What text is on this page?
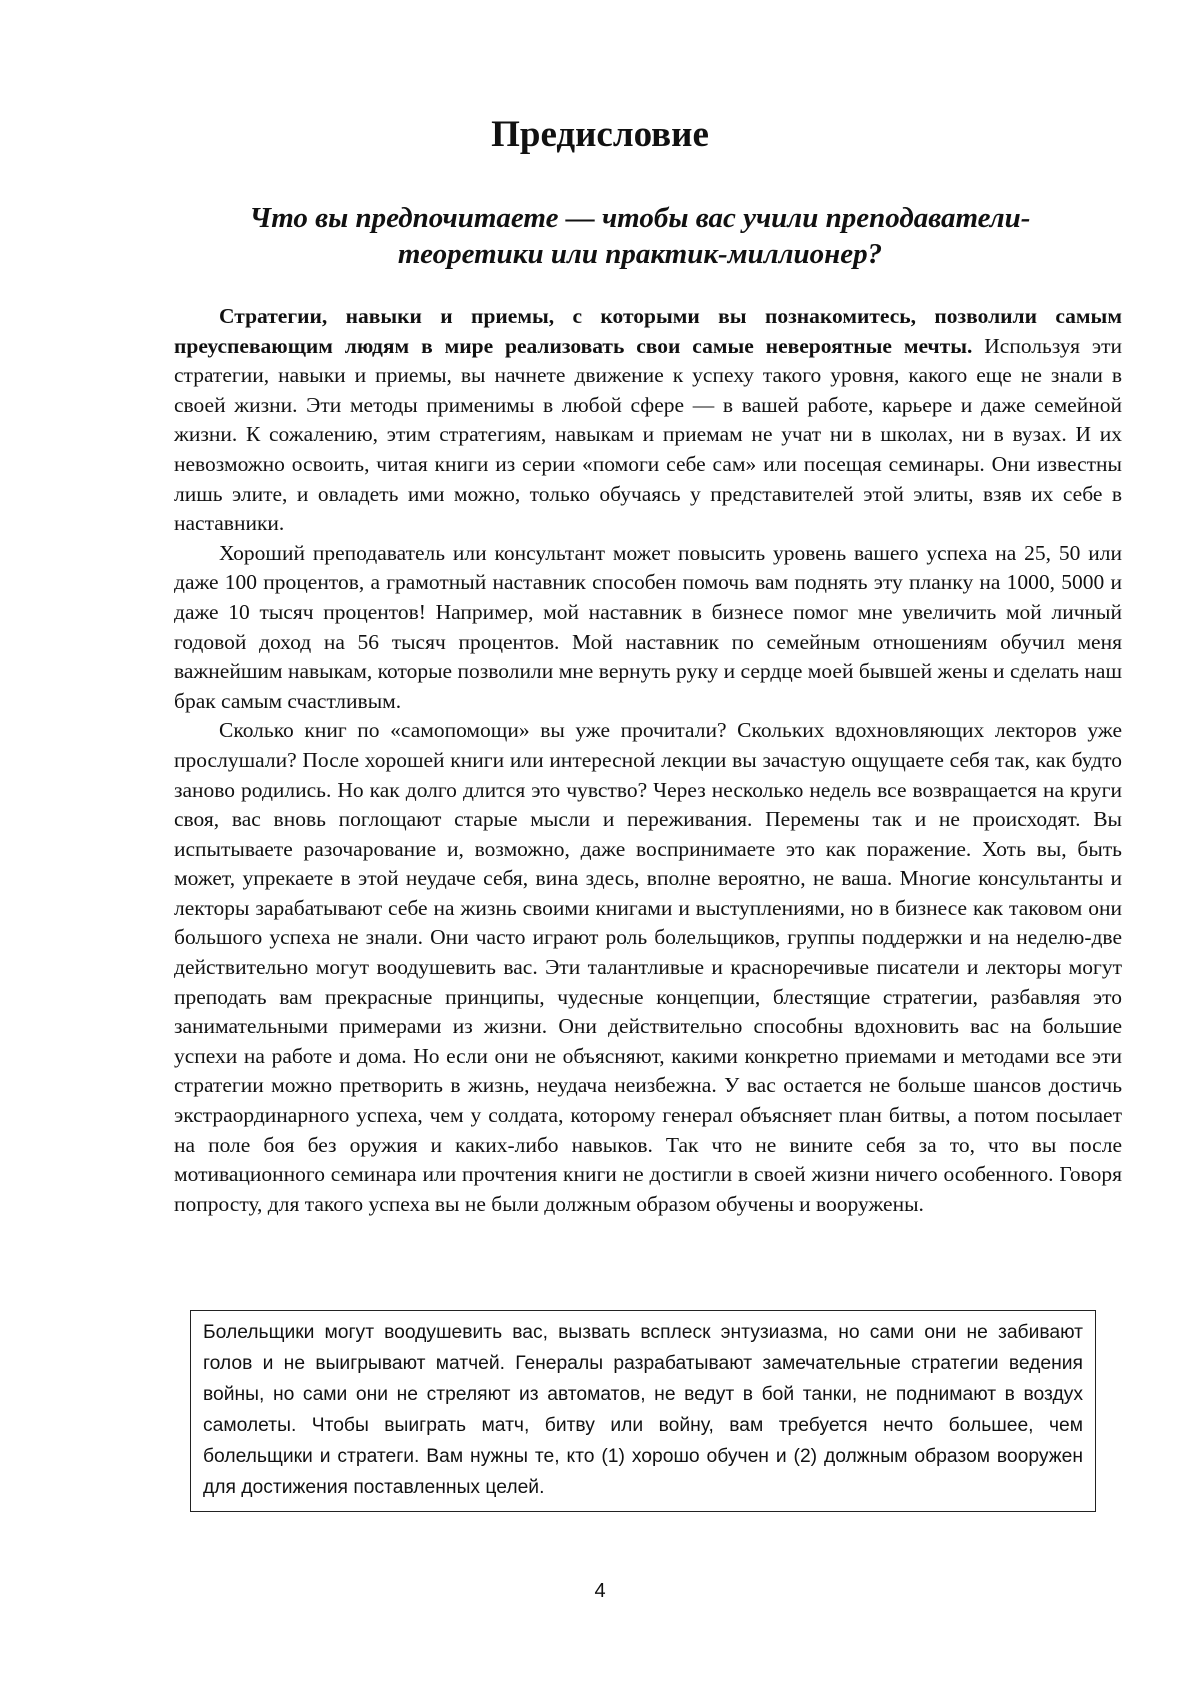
Предисловие
Что вы предпочитаете — чтобы вас учили преподаватели-теоретики или практик-миллионер?

Стратегии, навыки и приемы, с которыми вы познакомитесь, позволили самым преуспевающим людям в мире реализовать свои самые невероятные мечты. Используя эти стратегии, навыки и приемы, вы начнете движение к успеху такого уровня, какого еще не знали в своей жизни. Эти методы применимы в любой сфере — в вашей работе, карьере и даже семейной жизни. К сожалению, этим стратегиям, навыкам и приемам не учат ни в школах, ни в вузах. И их невозможно освоить, читая книги из серии «помоги себе сам» или посещая семинары. Они известны лишь элите, и овладеть ими можно, только обучаясь у представителей этой элиты, взяв их себе в наставники.

Хороший преподаватель или консультант может повысить уровень вашего успеха на 25, 50 или даже 100 процентов, а грамотный наставник способен помочь вам поднять эту планку на 1000, 5000 и даже 10 тысяч процентов! Например, мой наставник в бизнесе помог мне увеличить мой личный годовой доход на 56 тысяч процентов. Мой наставник по семейным отношениям обучил меня важнейшим навыкам, которые позволили мне вернуть руку и сердце моей бывшей жены и сделать наш брак самым счастливым.

Сколько книг по «самопомощи» вы уже прочитали? Скольких вдохновляющих лекторов уже прослушали? После хорошей книги или интересной лекции вы зачастую ощущаете себя так, как будто заново родились. Но как долго длится это чувство? Через несколько недель все возвращается на круги своя, вас вновь поглощают старые мысли и переживания. Перемены так и не происходят. Вы испытываете разочарование и, возможно, даже воспринимаете это как поражение. Хоть вы, быть может, упрекаете в этой неудаче себя, вина здесь, вполне вероятно, не ваша. Многие консультанты и лекторы зарабатывают себе на жизнь своими книгами и выступлениями, но в бизнесе как таковом они большого успеха не знали. Они часто играют роль болельщиков, группы поддержки и на неделю-две действительно могут воодушевить вас. Эти талантливые и красноречивые писатели и лекторы могут преподать вам прекрасные принципы, чудесные концепции, блестящие стратегии, разбавляя это занимательными примерами из жизни. Они действительно способны вдохновить вас на большие успехи на работе и дома. Но если они не объясняют, какими конкретно приемами и методами все эти стратегии можно претворить в жизнь, неудача неизбежна. У вас остается не больше шансов достичь экстраординарного успеха, чем у солдата, которому генерал объясняет план битвы, а потом посылает на поле боя без оружия и каких-либо навыков. Так что не вините себя за то, что вы после мотивационного семинара или прочтения книги не достигли в своей жизни ничего особенного. Говоря попросту, для такого успеха вы не были должным образом обучены и вооружены.

Болельщики могут воодушевить вас, вызвать всплеск энтузиазма, но сами они не забивают голов и не выигрывают матчей. Генералы разрабатывают замечательные стратегии ведения войны, но сами они не стреляют из автоматов, не ведут в бой танки, не поднимают в воздух самолеты. Чтобы выиграть матч, битву или войну, вам требуется нечто большее, чем болельщики и стратеги. Вам нужны те, кто (1) хорошо обучен и (2) должным образом вооружен для достижения поставленных целей.
4
